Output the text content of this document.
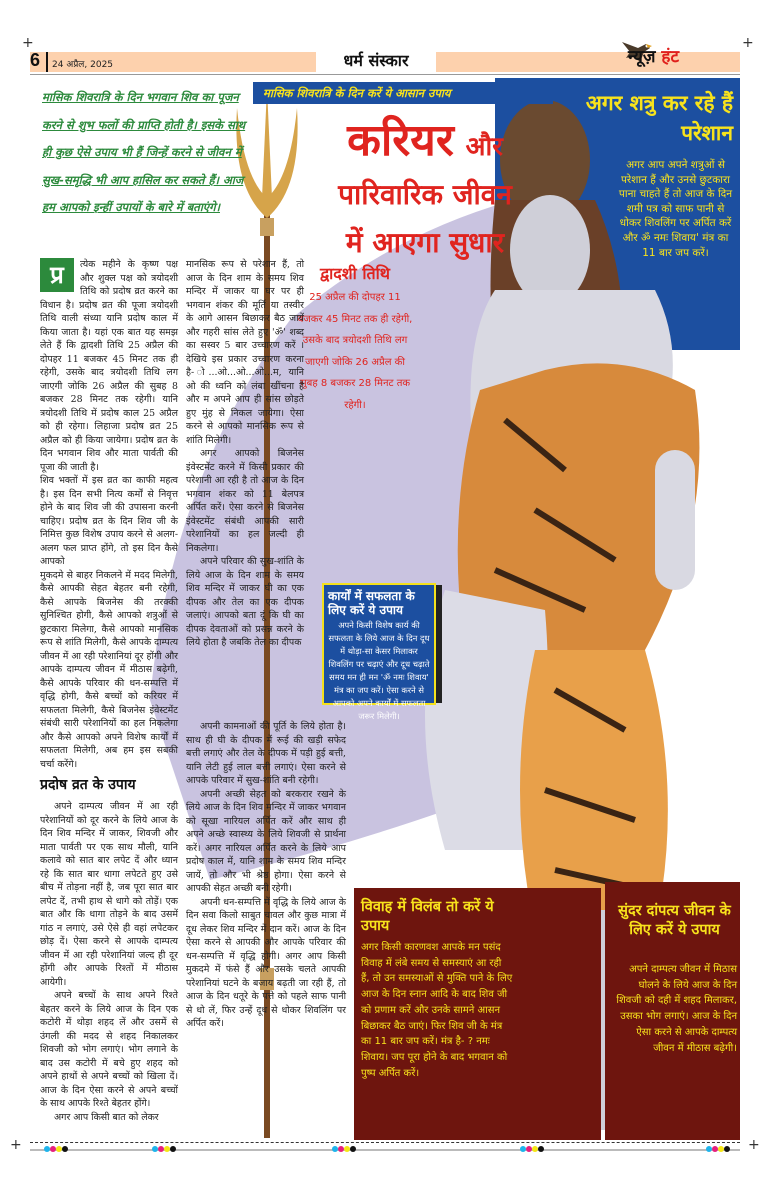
+	+
+	+
6 24 अप्रैल, 2025	धर्म संस्कार	न्यूज़ हंट
मासिक शिवरात्रि के दिन भगवान शिव का पूजन करने से शुभ फलों की प्राप्ति होती है। इसके साथ ही कुछ ऐसे उपाय भी हैं जिन्हें करने से जीवन में सुख-समृद्धि भी आप हासिल कर सकते हैं। आज हम आपको इन्हीं उपायों के बारे में बताएंगे।
मासिक शिवरात्रि के दिन करें ये आसान उपाय
करियर और
पारिवारिक जीवन
में आएगा सुधार
अगर शत्रु कर रहे हैं परेशान
अगर आप अपने शत्रुओं से परेशान हैं और उनसे छुटकारा पाना चाहते हैं तो आज के दिन शमी पत्र को साफ पानी से धोकर शिवलिंग पर अर्पित करें और ॐ नमः शिवाय' मंत्र का 11 बार जप करें।
द्वादशी तिथि
25 अप्रैल की दोपहर 11 बजकर 45 मिनट तक ही रहेगी, उसके बाद त्रयोदशी तिथि लग जाएगी जोकि 26 अप्रैल की सुबह 8 बजकर 28 मिनट तक रहेगी।
प्र	त्येक महीने के कृष्ण पक्ष और शुक्ल पक्ष को त्रयोदशी तिथि को प्रदोष व्रत करने का विधान है। प्रदोष व्रत की पूजा त्रयोदशी तिथि वाली संध्या यानि प्रदोष काल में किया जाता है। यहां एक बात यह समझ लेते हैं कि द्वादशी तिथि 25 अप्रैल की दोपहर 11 बजकर 45 मिनट तक ही रहेगी, उसके बाद त्रयोदशी तिथि लग जाएगी जोकि 26 अप्रैल की सुबह 8 बजकर 28 मिनट तक रहेगी। यानि त्रयोदशी तिथि में प्रदोष काल 25 अप्रैल को ही रहेगा। लिहाजा प्रदोष व्रत 25 अप्रैल को ही किया जायेगा। प्रदोष व्रत के दिन भगवान शिव और माता पार्वती की पूजा की जाती है।

शिव भक्तों में इस व्रत का काफी महत्व है। इस दिन सभी नित्य कर्मों से निवृत्त होने के बाद शिव जी की उपासना करनी चाहिए। प्रदोष व्रत के दिन शिव जी के निमित्त कुछ विशेष उपाय करने से अलग-अलग फल प्राप्त होंगे, तो इस दिन कैसे आपको

मुकदमे से बाहर निकलने में मदद मिलेगी, कैसे आपकी सेहत बेहतर बनी रहेगी, कैसे आपके बिजनेस की तरक्की सुनिश्चित होगी, कैसे आपको शत्रुओं से छुटकारा मिलेगा, कैसे आपको मानसिक रूप से शांति मिलेगी, कैसे आपके दाम्पत्य जीवन में आ रही परेशानियां दूर होंगी और आपके दाम्पत्य जीवन में मीठास बढ़ेगी, कैसे आपके परिवार की धन-सम्पत्ति में वृद्धि होगी, कैसे बच्चों को करियर में सफलता मिलेगी, कैसे बिजनेस इंवेस्टमेंट संबंधी सारी परेशानियों का हल निकलेगा और कैसे आपको अपने विशेष कार्यों में सफलता मिलेगी, अब हम इस सबकी चर्चा करेंगे।

प्रदोष व्रत के उपाय

अपने दाम्पत्य जीवन में आ रही परेशानियों को दूर करने के लिये आज के दिन शिव मन्दिर में जाकर, शिवजी और माता पार्वती पर एक साथ मौली, यानि कलावे को सात बार लपेट दें और ध्यान रहे कि सात बार धागा लपेटते हुए उसे बीच में तोड़ना नहीं है, जब पूरा सात बार लपेट दें, तभी हाथ से धागे को तोड़ें। एक बात और कि धागा तोड़ने के बाद उसमें गांठ न लगाएं, उसे ऐसे ही वहां लपेटकर छोड़ दें। ऐसा करने से आपके दाम्पत्य जीवन में आ रही परेशानियां जल्द ही दूर होंगी और आपके रिश्तों में मीठास आयेगी।

अपने बच्चों के साथ अपने रिश्ते बेहतर करने के लिये आज के दिन एक कटोरी में थोड़ा शहद लें और उसमें से उंगली की मदद से शहद निकालकर शिवजी को भोग लगाएं। भोग लगाने के बाद उस कटोरी में बचे हुए शहद को अपने हाथों से अपने बच्चों को खिला दें। आज के दिन ऐसा करने से अपने बच्चों के साथ आपके रिश्ते बेहतर होंगे।

अगर आप किसी बात को लेकर

मानसिक रूप से परेशान हैं, तो आज के दिन शाम के समय शिव मन्दिर में जाकर या घर पर ही भगवान शंकर की मूर्ति या तस्वीर के आगे आसन बिछाकर बैठ जायें और गहरी सांस लेते हुए 'ॐ' शब्द का सस्वर 5 बार उच्चारण करें । देखिये इस प्रकार उच्चारण करना है- ो...ओ...ओ...ओ...म, यानि ओ की ध्वनि को लंबा खींचना है और म अपने आप ही सांस छोड़ते हुए मुंह से निकल जायेगा। ऐसा करने से आपको मानसिक रूप से शांति मिलेगी।

अगर आपको बिजनेस इंवेस्टमेंट करने में किसी प्रकार की परेशानी आ रही है तो आज के दिन भगवान शंकर को 11 बेलपत्र अर्पित करें। ऐसा करने से बिजनेस इंवेस्टमेंट संबंधी आपकी सारी परेशानियों का हल जल्दी ही निकलेगा।

अपने परिवार की सुख-शांति के लिये आज के दिन शाम के समय शिव मन्दिर में जाकर घी का एक दीपक और तेल का एक दीपक जलाएं। आपको बता दूं कि घी का दीपक देवताओं को प्रसन्न करने के लिये होता है जबकि तेल का दीपक

अपनी कामनाओं की पूर्ति के लिये होता है। साथ ही घी के दीपक में रूई की खड़ी सफेद बत्ती लगाएं और तेल के दीपक में पड़ी हुई बत्ती, यानि लेटी हुई लाल बत्ती लगाएं। ऐसा करने से आपके परिवार में सुख-शांति बनी रहेगी।

अपनी अच्छी सेहत को बरकरार रखने के लिये आज के दिन शिव मन्दिर में जाकर भगवान को सूखा नारियल अर्पित करें और साथ ही अपने अच्छे स्वास्थ्य के लिये शिवजी से प्रार्थना करें। अगर नारियल अर्पित करने के लिये आप प्रदोष काल में, यानि शाम के समय शिव मन्दिर जायें, तो और भी श्रेष्ठ होगा। ऐसा करने से आपकी सेहत अच्छी बनी रहेगी।

अपनी धन-सम्पत्ति में वृद्धि के लिये आज के दिन सवा किलो साबुत चावल और कुछ मात्रा में दूध लेकर शिव मन्दिर में दान करें। आज के दिन ऐसा करने से आपकी और आपके परिवार की धन-सम्पत्ति में वृद्धि होगी। अगर आप किसी मुकदमे में फंसे हैं और उसके चलते आपकी परेशानियां घटने के बजाय बढ़ती जा रही हैं, तो आज के दिन धतूरे के पत्ते को पहले साफ पानी से धो लें, फिर उन्हें दूध से धोकर शिवलिंग पर अर्पित करें।

कार्यों में सफलता के लिए करें ये उपाय
अपने किसी विशेष कार्य की सफलता के लिये आज के दिन दूध में थोड़ा-सा केसर मिलाकर शिवलिंग पर चढ़ाएं और दूध चढ़ाते समय मन ही मन 'ॐ नमः शिवाय' मंत्र का जप करें। ऐसा करने से आपको अपने कार्यों में सफलता जरूर मिलेगी।
विवाह में विलंब तो करें ये उपाय
अगर किसी कारणवश आपके मन पसंद विवाह में लंबे समय से समस्याएं आ रही हैं, तो उन समस्याओं से मुक्ति पाने के लिए आज के दिन स्नान आदि के बाद शिव जी को प्रणाम करें और उनके सामने आसन बिछाकर बैठ जाएं। फिर शिव जी के मंत्र का 11 बार जप करें। मंत्र है- ? नमः शिवाय। जप पूरा होने के बाद भगवान को पुष्प अर्पित करें।
सुंदर दांपत्य जीवन के लिए करें ये उपाय
अपने दाम्पत्य जीवन में मिठास घोलने के लिये आज के दिन शिवजी को दही में शहद मिलाकर, उसका भोग लगाएं। आज के दिन ऐसा करने से आपके दाम्पत्य जीवन में मीठास बढ़ेगी।
